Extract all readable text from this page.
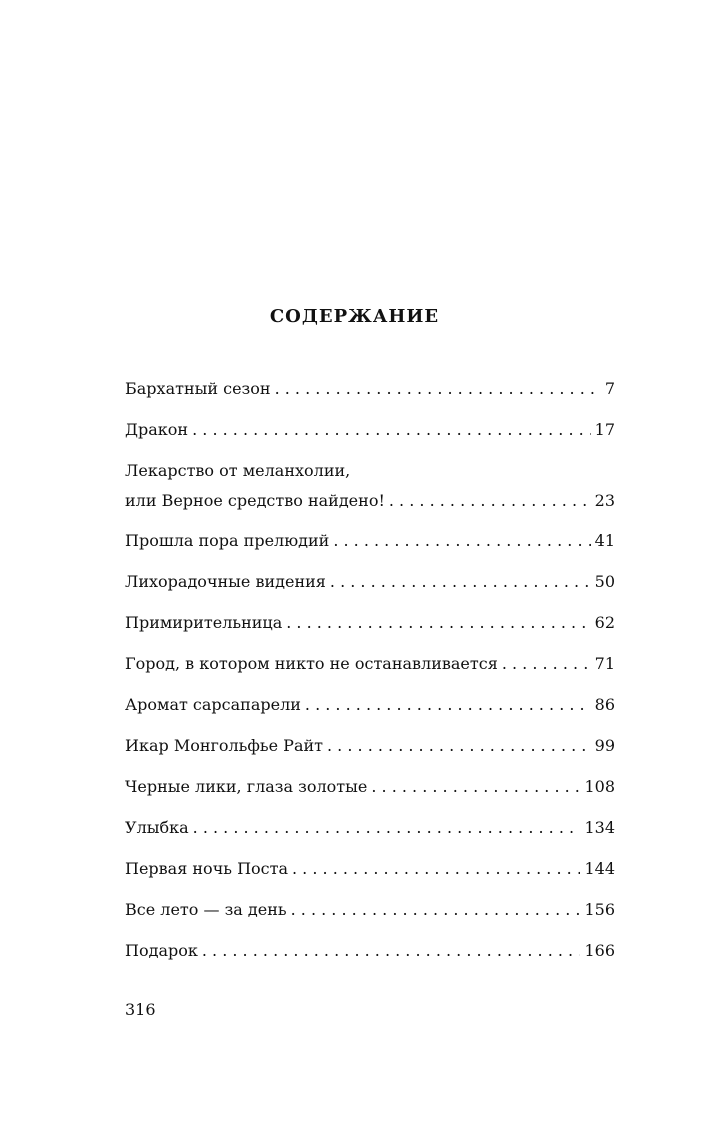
СОДЕРЖАНИЕ
Бархатный сезон . . .	7
Дракон . . .	17
Лекарство от меланхолии,
или Верное средство найдено! . . .	23
Прошла пора прелюдий . . .	41
Лихорадочные видения . . .	50
Примирительница . . .	62
Город, в котором никто не останавливается . . .	71
Аромат сарсапарели . . .	86
Икар Монгольфье Райт . . .	99
Черные лики, глаза золотые . . .	108
Улыбка . . .	134
Первая ночь Поста . . .	144
Все лето — за день . . .	156
Подарок . . .	166
316
